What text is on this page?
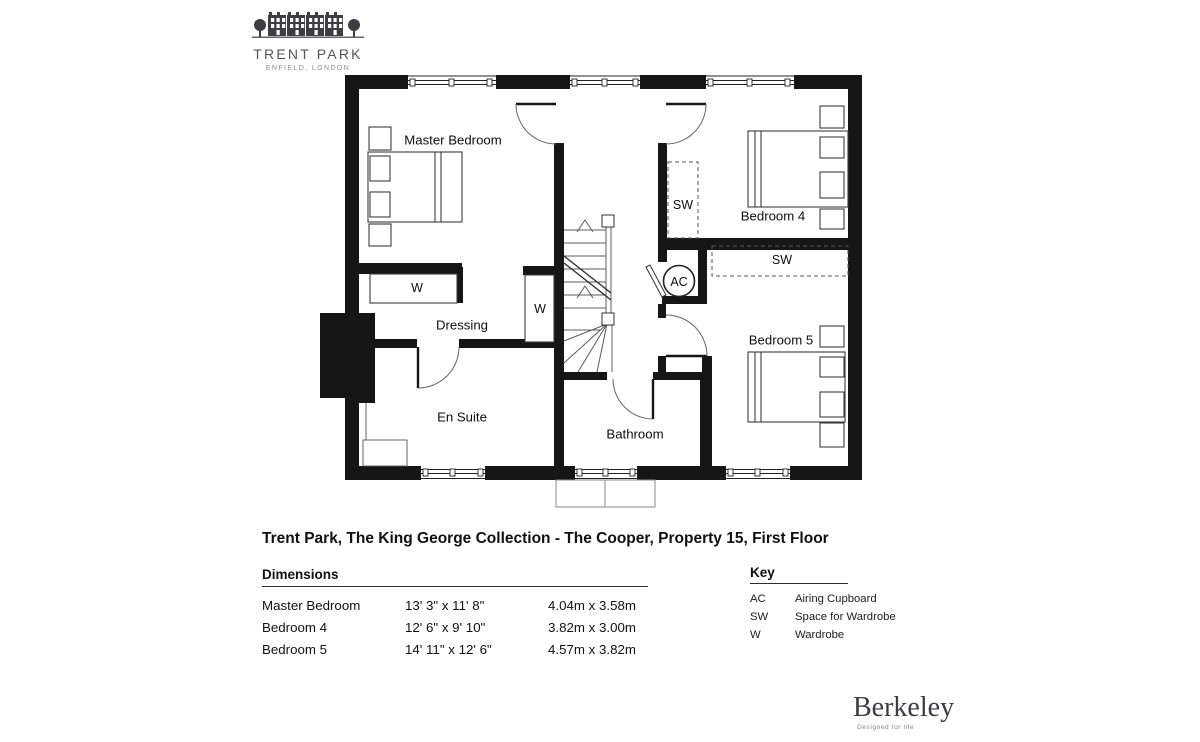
TRENT PARK
ENFIELD, LONDON
Master Bedroom
Bedroom 4
Bedroom 5
Dressing
En Suite
Bathroom
SW
SW
W
W
AC
Trent Park, The King George Collection - The Cooper, Property 15, First Floor
Dimensions
Master Bedroom	13' 3" x 11' 8"	4.04m x 3.58m
Bedroom 4	12' 6" x 9' 10"	3.82m x 3.00m
Bedroom 5	14' 11" x 12' 6"	4.57m x 3.82m
Key
AC	Airing Cupboard
SW	Space for Wardrobe
W	Wardrobe
Berkeley
Designed for life
